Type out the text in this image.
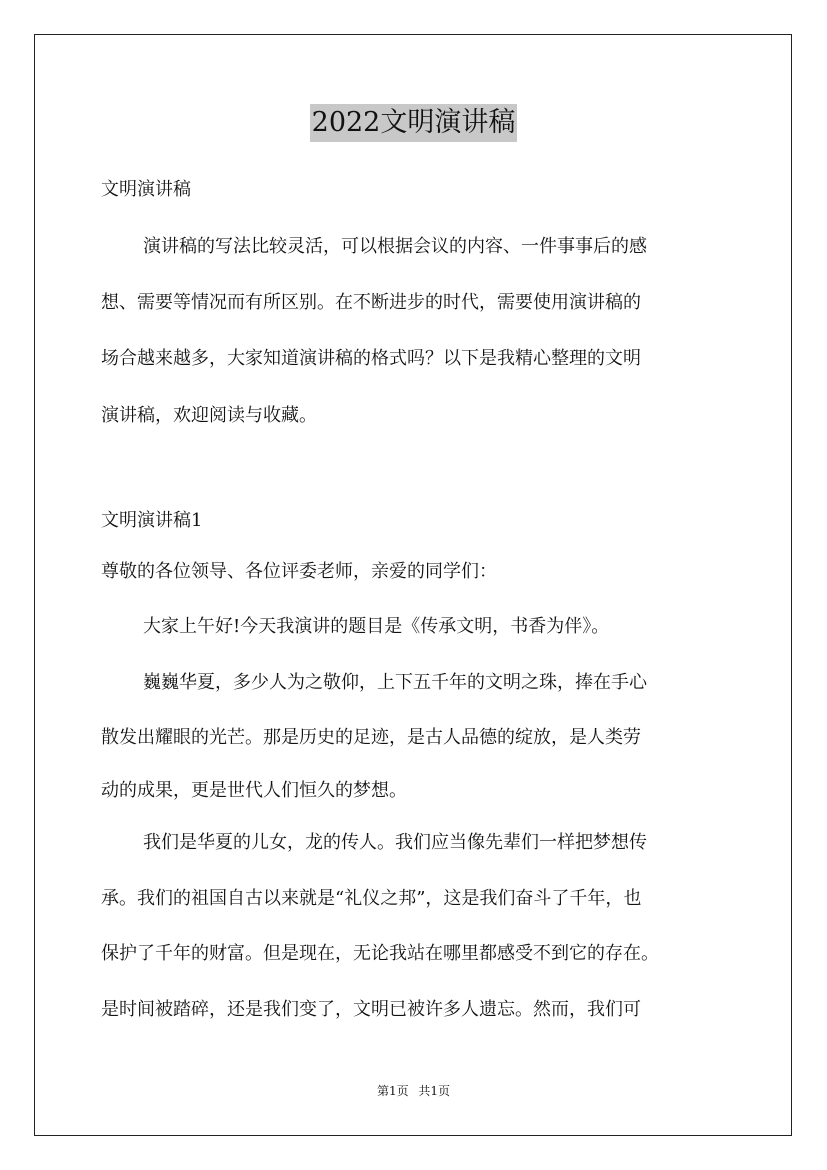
2022文明演讲稿
文明演讲稿
演讲稿的写法比较灵活，可以根据会议的内容、一件事事后的感
想、需要等情况而有所区别。在不断进步的时代，需要使用演讲稿的
场合越来越多，大家知道演讲稿的格式吗？以下是我精心整理的文明
演讲稿，欢迎阅读与收藏。
文明演讲稿1
尊敬的各位领导、各位评委老师，亲爱的同学们：
大家上午好!今天我演讲的题目是《传承文明，书香为伴》。
巍巍华夏，多少人为之敬仰，上下五千年的文明之珠，捧在手心
散发出耀眼的光芒。那是历史的足迹，是古人品德的绽放，是人类劳
动的成果，更是世代人们恒久的梦想。
我们是华夏的儿女，龙的传人。我们应当像先辈们一样把梦想传
承。我们的祖国自古以来就是“礼仪之邦”，这是我们奋斗了千年，也
保护了千年的财富。但是现在，无论我站在哪里都感受不到它的存在。
是时间被踏碎，还是我们变了，文明已被许多人遗忘。然而，我们可
第1页 共1页
